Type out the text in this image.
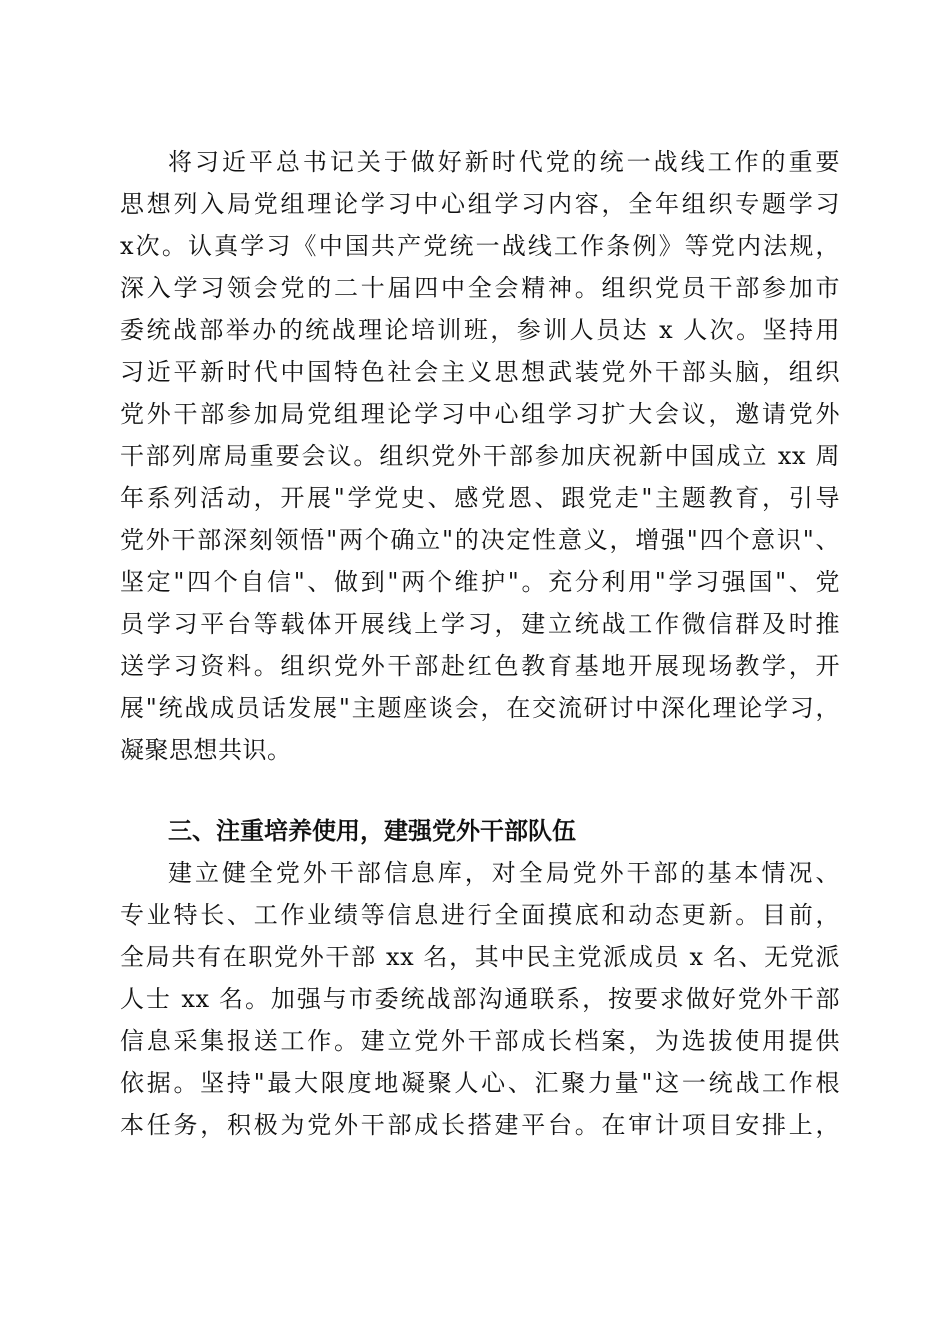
将习近平总书记关于做好新时代党的统一战线工作的重要
思想列入局党组理论学习中心组学习内容，全年组织专题学习
x次。认真学习《中国共产党统一战线工作条例》等党内法规，
深入学习领会党的二十届四中全会精神。组织党员干部参加市
委统战部举办的统战理论培训班，参训人员达 x 人次。坚持用
习近平新时代中国特色社会主义思想武装党外干部头脑，组织
党外干部参加局党组理论学习中心组学习扩大会议，邀请党外
干部列席局重要会议。组织党外干部参加庆祝新中国成立 xx 周
年系列活动，开展"学党史、感党恩、跟党走"主题教育，引导
党外干部深刻领悟"两个确立"的决定性意义，增强"四个意识"、
坚定"四个自信"、做到"两个维护"。充分利用"学习强国"、党
员学习平台等载体开展线上学习，建立统战工作微信群及时推
送学习资料。组织党外干部赴红色教育基地开展现场教学，开
展"统战成员话发展"主题座谈会，在交流研讨中深化理论学习，
凝聚思想共识。
三、注重培养使用，建强党外干部队伍
建立健全党外干部信息库，对全局党外干部的基本情况、
专业特长、工作业绩等信息进行全面摸底和动态更新。目前，
全局共有在职党外干部 xx 名，其中民主党派成员 x 名、无党派
人士 xx 名。加强与市委统战部沟通联系，按要求做好党外干部
信息采集报送工作。建立党外干部成长档案，为选拔使用提供
依据。坚持"最大限度地凝聚人心、汇聚力量"这一统战工作根
本任务，积极为党外干部成长搭建平台。在审计项目安排上，
